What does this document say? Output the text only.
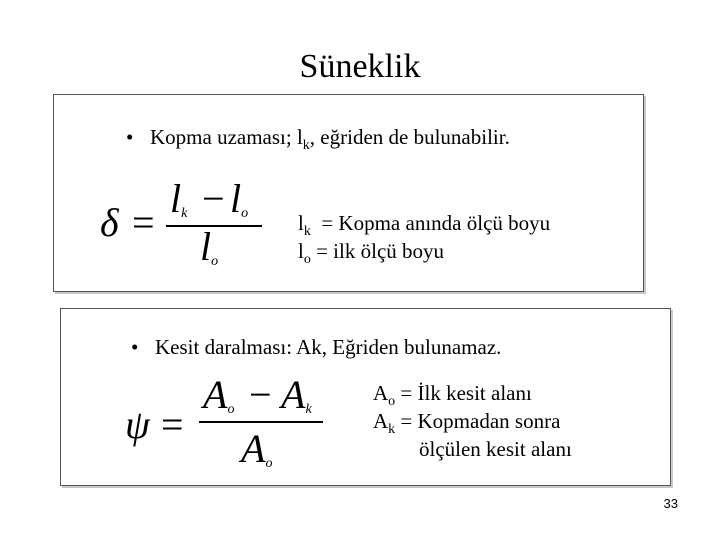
Süneklik
• Kopma uzaması; $l_k$, eğriden de bulunabilir.
δ =
$l_k - l_o$
$l_o$
$l_k$ = Kopma anında ölçü boyu
$l_o$ = ilk ölçü boyu
• Kesit daralması: Ak, Eğriden bulunamaz.
ψ =
$A_o - A_k$
$A_o$
$A_o$ = İlk kesit alanı
$A_k$ = Kopmadan sonra
ölçülen kesit alanı
33
